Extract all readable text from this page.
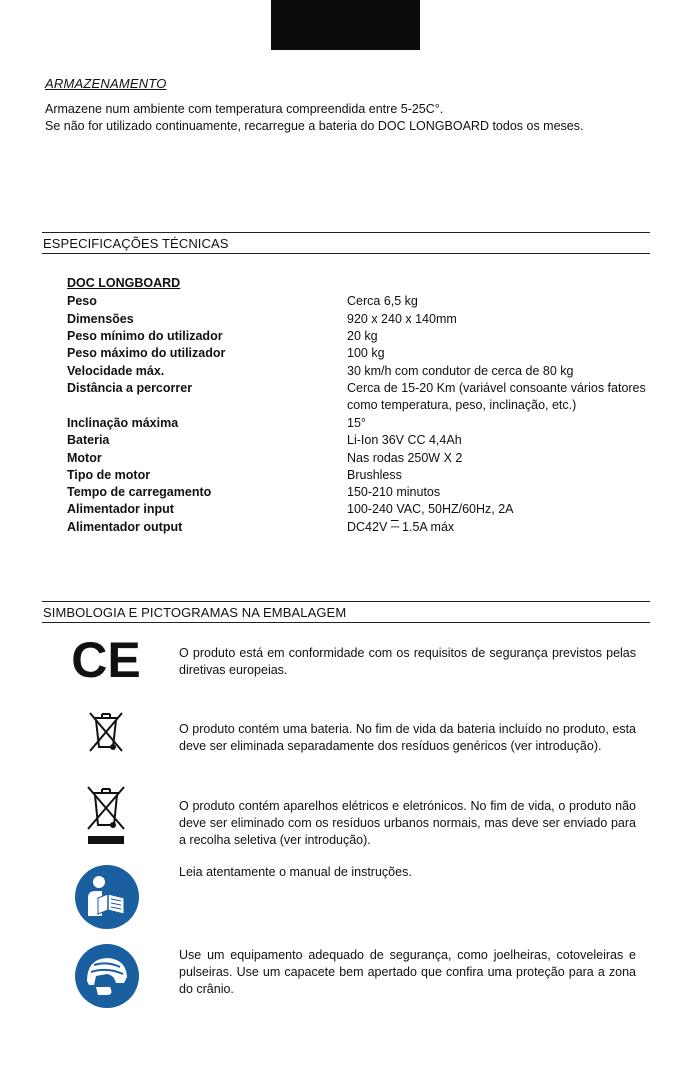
ARMAZENAMENTO
Armazene num ambiente com temperatura compreendida entre 5-25C°.
Se não for utilizado continuamente, recarregue a bateria do DOC LONGBOARD todos os meses.
ESPECIFICAÇÕES TÉCNICAS
DOC LONGBOARD
Peso	Cerca 6,5 kg
Dimensões	920 x 240 x 140mm
Peso mínimo do utilizador	20 kg
Peso máximo do utilizador	100 kg
Velocidade máx.	30 km/h com condutor de cerca de 80 kg
Distância a percorrer	Cerca de 15-20 Km (variável consoante vários fatores como temperatura, peso, inclinação, etc.)
Inclinação máxima	15°
Bateria	Li-Ion 36V CC 4,4Ah
Motor	Nas rodas 250W X 2
Tipo de motor	Brushless
Tempo de carregamento	150-210 minutos
Alimentador input	100-240 VAC, 50HZ/60Hz, 2A
Alimentador output	DC42V ⎓ 1.5A máx
SIMBOLOGIA E PICTOGRAMAS NA EMBALAGEM
CE	O produto está em conformidade com os requisitos de segurança previstos pelas diretivas europeias.
O produto contém uma bateria. No fim de vida da bateria incluído no produto, esta deve ser eliminada separadamente dos resíduos genéricos (ver introdução).
O produto contém aparelhos elétricos e eletrónicos. No fim de vida, o produto não deve ser eliminado com os resíduos urbanos normais, mas deve ser enviado para a recolha seletiva (ver introdução).
Leia atentamente o manual de instruções.
Use um equipamento adequado de segurança, como joelheiras, cotoveleiras e pulseiras. Use um capacete bem apertado que confira uma proteção para a zona do crânio.
